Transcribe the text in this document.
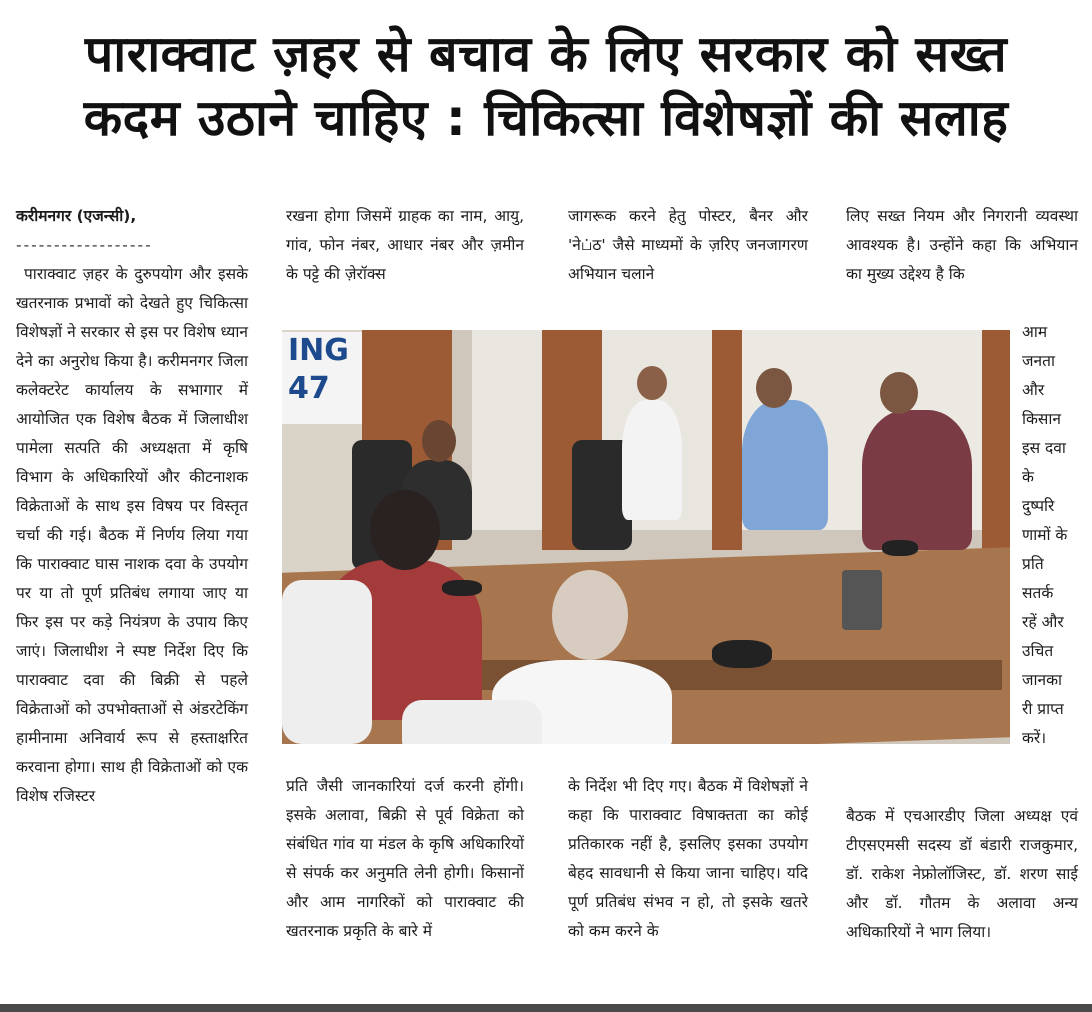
पाराक्वाट ज़हर से बचाव के लिए सरकार को सख्त
कदम उठाने चाहिए : चिकित्सा विशेषज्ञों की सलाह

करीमनगर (एजन्सी),

------------------

पाराक्वाट ज़हर के दुरुपयोग और इसके खतरनाक प्रभावों को देखते हुए चिकित्सा विशेषज्ञों ने सरकार से इस पर विशेष ध्यान देने का अनुरोध किया है। करीमनगर जिला कलेक्टरेट कार्यालय के सभागार में आयोजित एक विशेष बैठक में जिलाधीश पामेला सत्पति की अध्यक्षता में कृषि विभाग के अधिकारियों और कीटनाशक विक्रेताओं के साथ इस विषय पर विस्तृत चर्चा की गई। बैठक में निर्णय लिया गया कि पाराक्वाट घास नाशक दवा के उपयोग पर या तो पूर्ण प्रतिबंध लगाया जाए या फिर इस पर कड़े नियंत्रण के उपाय किए जाएं। जिलाधीश ने स्पष्ट निर्देश दिए कि पाराक्वाट दवा की बिक्री से पहले विक्रेताओं को उपभोक्ताओं से अंडरटेकिंग हामीनामा अनिवार्य रूप से हस्ताक्षरित करवाना होगा। साथ ही विक्रेताओं को एक विशेष रजिस्टर

रखना होगा जिसमें ग्राहक का नाम, आयु, गांव, फोन नंबर, आधार नंबर और ज़मीन के पट्टे की ज़ेरॉक्स

जागरूक करने हेतु पोस्टर, बैनर और 'नेப்ठ' जैसे माध्यमों के ज़रिए जनजागरण अभियान चलाने

लिए सख्त नियम और निगरानी व्यवस्था आवश्यक है। उन्होंने कहा कि अभियान का मुख्य उद्देश्य है कि

आम

जनता

और

किसान

इस दवा

के

दुष्परि

णामों के

प्रति

सतर्क

रहें और

उचित

जानका

री प्राप्त

करें।

ING
47

प्रति जैसी जानकारियां दर्ज करनी होंगी। इसके अलावा, बिक्री से पूर्व विक्रेता को संबंधित गांव या मंडल के कृषि अधिकारियों से संपर्क कर अनुमति लेनी होगी। किसानों और आम नागरिकों को पाराक्वाट की खतरनाक प्रकृति के बारे में

के निर्देश भी दिए गए। बैठक में विशेषज्ञों ने कहा कि पाराक्वाट विषाक्तता का कोई प्रतिकारक नहीं है, इसलिए इसका उपयोग बेहद सावधानी से किया जाना चाहिए। यदि पूर्ण प्रतिबंध संभव न हो, तो इसके खतरे को कम करने के

बैठक में एचआरडीए जिला अध्यक्ष एवं टीएसएमसी सदस्य डॉ बंडारी राजकुमार, डॉ. राकेश नेफ्रोलॉजिस्ट, डॉ. शरण साई और डॉ. गौतम के अलावा अन्य अधिकारियों ने भाग लिया।
